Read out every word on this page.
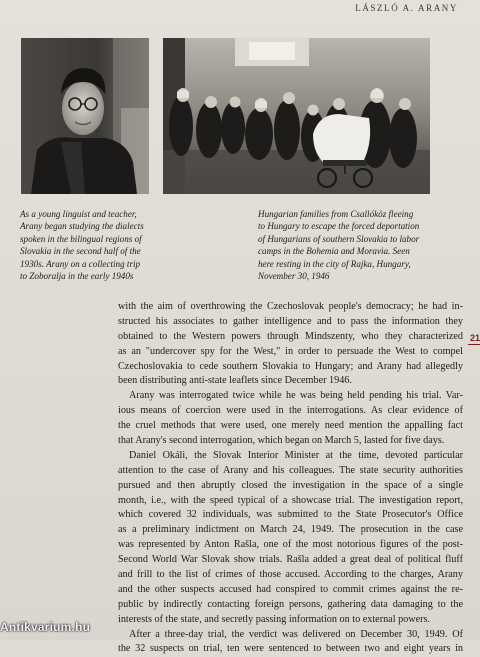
LÁSZLÓ A. ARANY
As a young linguist and teacher,
Arany began studying the dialects
spoken in the bilingual regions of
Slovakia in the second half of the
1930s. Arany on a collecting trip
to Zoboralja in the early 1940s
Hungarian families from Csallóköz fleeing
to Hungary to escape the forced deportation
of Hungarians of southern Slovakia to labor
camps in the Bohemia and Moravia. Seen
here resting in the city of Rajka, Hungary,
November 30, 1946
21
with the aim of overthrowing the Czechoslovak people's democracy; he had in-
structed his associates to gather intelligence and to pass the information they
obtained to the Western powers through Mindszenty, who they characterized
as an "undercover spy for the West," in order to persuade the West to compel
Czechoslovakia to cede southern Slovakia to Hungary; and Arany had allegedly
been distributing anti-state leaflets since December 1946.
Arany was interrogated twice while he was being held pending his trial. Var-
ious means of coercion were used in the interrogations. As clear evidence of
the cruel methods that were used, one merely need mention the appalling fact
that Arany's second interrogation, which began on March 5, lasted for five days.
Daniel Okáli, the Slovak Interior Minister at the time, devoted particular
attention to the case of Arany and his colleagues. The state security authorities
pursued and then abruptly closed the investigation in the space of a single
month, i.e., with the speed typical of a showcase trial. The investigation report,
which covered 32 individuals, was submitted to the State Prosecutor's Office
as a preliminary indictment on March 24, 1949. The prosecution in the case
was represented by Anton Rašla, one of the most notorious figures of the post-
Second World War Slovak show trials. Rašla added a great deal of political fluff
and frill to the list of crimes of those accused. According to the charges, Arany
and the other suspects accused had conspired to commit crimes against the re-
public by indirectly contacting foreign persons, gathering data damaging to the
interests of the state, and secretly passing information on to external powers.
After a three-day trial, the verdict was delivered on December 30, 1949. Of
the 32 suspects on trial, ten were sentenced to between two and eight years in
Antikvarium.hu
